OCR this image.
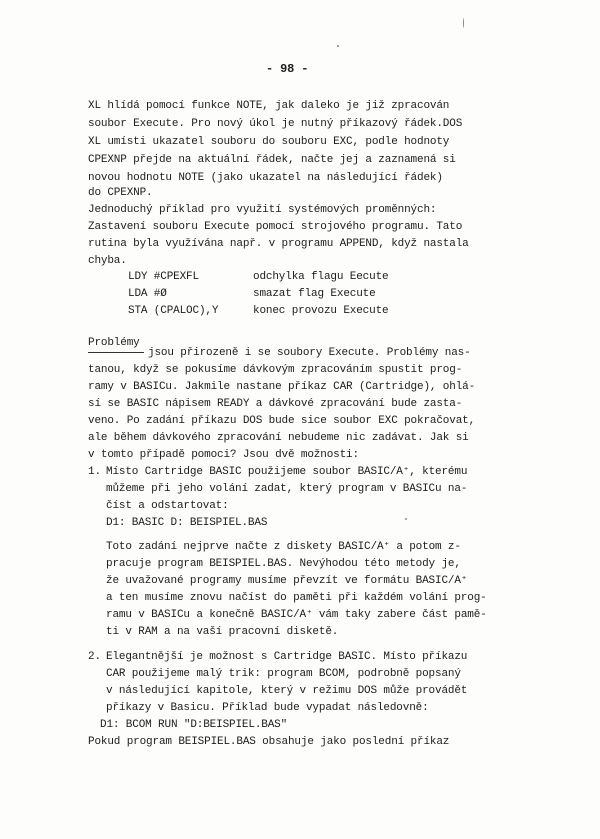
- 98 -
XL hlídá pomocí funkce NOTE, jak daleko je již zpracován
soubor Execute. Pro nový úkol je nutný příkazový řádek.DOS
XL umísti ukazatel souboru do souboru EXC, podle hodnoty
CPEXNP přejde na aktuální řádek, načte jej a zaznamená si
novou hodnotu NOTE (jako ukazatel na následující řádek)
do CPEXNP.
Jednoduchý příklad pro využití systémových proměnných:
Zastavení souboru Execute pomocí strojového programu. Tato
rutina byla využívána např. v programu APPEND, když nastala
chyba.
LDY #CPEXFL	odchylka flagu Eecute
LDA #Ø	smazat flag Execute
STA (CPALOC),Y	konec provozu Execute
Problémy
jsou přirozeně i se soubory Execute. Problémy nas-
tanou, když se pokusíme dávkovým zpracováním spustit prog-
ramy v BASICu. Jakmile nastane příkaz CAR (Cartridge), ohlá-
sí se BASIC nápisem READY a dávkové zpracování bude zasta-
veno. Po zadání příkazu DOS bude sice soubor EXC pokračovat,
ale během dávkového zpracování nebudeme nic zadávat. Jak si
v tomto případě pomoci? Jsou dvě možnosti:
1. Místo Cartridge BASIC použijeme soubor BASIC/A⁺, kterému
můžeme při jeho volání zadat, který program v BASICu na-
číst a odstartovat:
D1: BASIC D: BEISPIEL.BAS
Toto zadání nejprve načte z diskety BASIC/A⁺ a potom z-
pracuje program BEISPIEL.BAS. Nevýhodou této metody je,
že uvažované programy musíme převzít ve formátu BASIC/A⁺
a ten musíme znovu načíst do paměti při každém volání prog-
ramu v BASICu a konečně BASIC/A⁺ vám taky zabere část pamě-
ti v RAM a na vaší pracovní disketě.
2. Elegantnější je možnost s Cartridge BASIC. Místo příkazu
CAR použijeme malý trik: program BCOM, podrobně popsaný
v následující kapitole, který v režimu DOS může provádět
příkazy v Basicu. Příklad bude vypadat následovně:
D1: BCOM RUN "D:BEISPIEL.BAS"
Pokud program BEISPIEL.BAS obsahuje jako poslední příkaz
